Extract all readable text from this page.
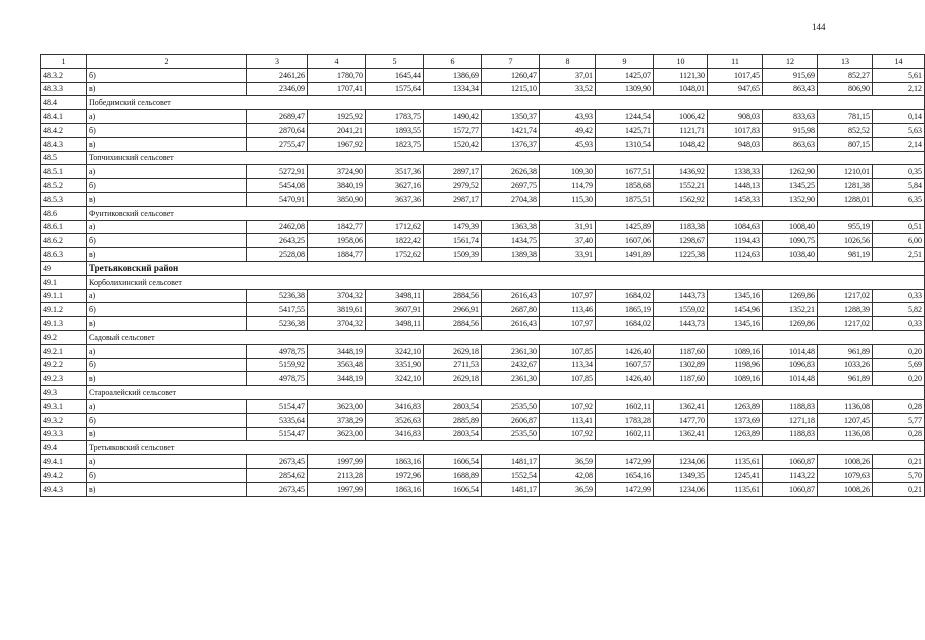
144
1	2	3	4	5	6	7	8	9	10	11	12	13	14
48.3.2	б)	2461,26	1780,70	1645,44	1386,69	1260,47	37,01	1425,07	1121,30	1017,45	915,69	852,27	5,61
48.3.3	в)	2346,09	1707,41	1575,64	1334,34	1215,10	33,52	1309,90	1048,01	947,65	863,43	806,90	2,12
48.4	Победимский сельсовет												
48.4.1	а)	2689,47	1925,92	1783,75	1490,42	1350,37	43,93	1244,54	1006,42	908,03	833,63	781,15	0,14
48.4.2	б)	2870,64	2041,21	1893,55	1572,77	1421,74	49,42	1425,71	1121,71	1017,83	915,98	852,52	5,63
48.4.3	в)	2755,47	1967,92	1823,75	1520,42	1376,37	45,93	1310,54	1048,42	948,03	863,63	807,15	2,14
48.5	Топчихинский сельсовет												
48.5.1	а)	5272,91	3724,90	3517,36	2897,17	2626,38	109,30	1677,51	1436,92	1338,33	1262,90	1210,01	0,35
48.5.2	б)	5454,08	3840,19	3627,16	2979,52	2697,75	114,79	1858,68	1552,21	1448,13	1345,25	1281,38	5,84
48.5.3	в)	5470,91	3850,90	3637,36	2987,17	2704,38	115,30	1875,51	1562,92	1458,33	1352,90	1288,01	6,35
48.6	Фунтиковский сельсовет												
48.6.1	а)	2462,08	1842,77	1712,62	1479,39	1363,38	31,91	1425,89	1183,38	1084,63	1008,40	955,19	0,51
48.6.2	б)	2643,25	1958,06	1822,42	1561,74	1434,75	37,40	1607,06	1298,67	1194,43	1090,75	1026,56	6,00
48.6.3	в)	2528,08	1884,77	1752,62	1509,39	1389,38	33,91	1491,89	1225,38	1124,63	1038,40	981,19	2,51
49	Третьяковский район												
49.1	Корболихинский сельсовет												
49.1.1	а)	5236,38	3704,32	3498,11	2884,56	2616,43	107,97	1684,02	1443,73	1345,16	1269,86	1217,02	0,33
49.1.2	б)	5417,55	3819,61	3607,91	2966,91	2687,80	113,46	1865,19	1559,02	1454,96	1352,21	1288,39	5,82
49.1.3	в)	5236,38	3704,32	3498,11	2884,56	2616,43	107,97	1684,02	1443,73	1345,16	1269,86	1217,02	0,33
49.2	Садовый сельсовет												
49.2.1	а)	4978,75	3448,19	3242,10	2629,18	2361,30	107,85	1426,40	1187,60	1089,16	1014,48	961,89	0,20
49.2.2	б)	5159,92	3563,48	3351,90	2711,53	2432,67	113,34	1607,57	1302,89	1198,96	1096,83	1033,26	5,69
49.2.3	в)	4978,75	3448,19	3242,10	2629,18	2361,30	107,85	1426,40	1187,60	1089,16	1014,48	961,89	0,20
49.3	Староалейский сельсовет												
49.3.1	а)	5154,47	3623,00	3416,83	2803,54	2535,50	107,92	1602,11	1362,41	1263,89	1188,83	1136,08	0,28
49.3.2	б)	5335,64	3738,29	3526,63	2885,89	2606,87	113,41	1783,28	1477,70	1373,69	1271,18	1207,45	5,77
49.3.3	в)	5154,47	3623,00	3416,83	2803,54	2535,50	107,92	1602,11	1362,41	1263,89	1188,83	1136,08	0,28
49.4	Третьяковский сельсовет												
49.4.1	а)	2673,45	1997,99	1863,16	1606,54	1481,17	36,59	1472,99	1234,06	1135,61	1060,87	1008,26	0,21
49.4.2	б)	2854,62	2113,28	1972,96	1688,89	1552,54	42,08	1654,16	1349,35	1245,41	1143,22	1079,63	5,70
49.4.3	в)	2673,45	1997,99	1863,16	1606,54	1481,17	36,59	1472,99	1234,06	1135,61	1060,87	1008,26	0,21
